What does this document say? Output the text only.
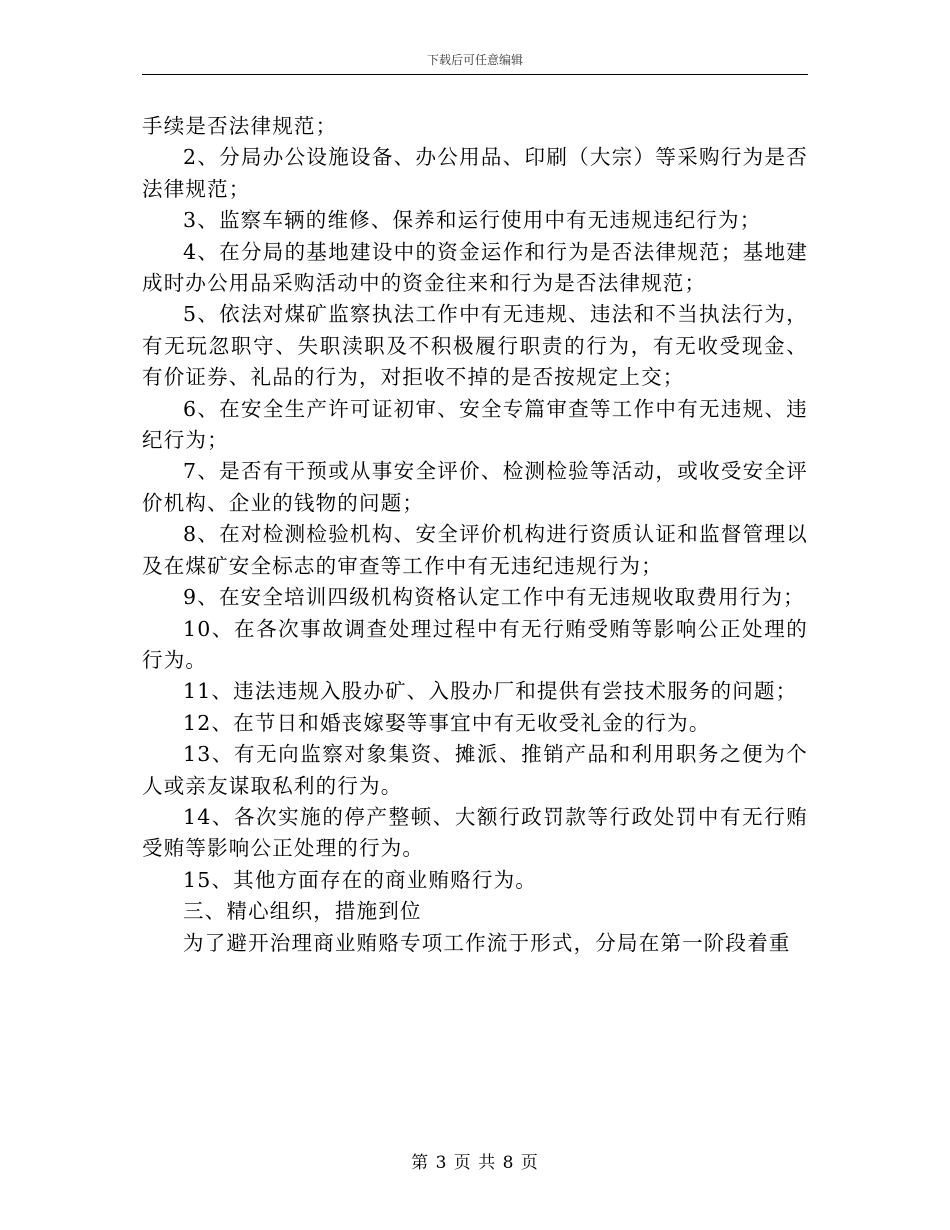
下载后可任意编辑

手续是否法律规范；

2、分局办公设施设备、办公用品、印刷（大宗）等采购行为是否法律规范；

3、监察车辆的维修、保养和运行使用中有无违规违纪行为；

4、在分局的基地建设中的资金运作和行为是否法律规范；基地建成时办公用品采购活动中的资金往来和行为是否法律规范；

5、依法对煤矿监察执法工作中有无违规、违法和不当执法行为，有无玩忽职守、失职渎职及不积极履行职责的行为，有无收受现金、有价证券、礼品的行为，对拒收不掉的是否按规定上交；

6、在安全生产许可证初审、安全专篇审查等工作中有无违规、违纪行为；

7、是否有干预或从事安全评价、检测检验等活动，或收受安全评价机构、企业的钱物的问题；

8、在对检测检验机构、安全评价机构进行资质认证和监督管理以及在煤矿安全标志的审查等工作中有无违纪违规行为；

9、在安全培训四级机构资格认定工作中有无违规收取费用行为；

10、在各次事故调查处理过程中有无行贿受贿等影响公正处理的行为。

11、违法违规入股办矿、入股办厂和提供有尝技术服务的问题；

12、在节日和婚丧嫁娶等事宜中有无收受礼金的行为。

13、有无向监察对象集资、摊派、推销产品和利用职务之便为个人或亲友谋取私利的行为。

14、各次实施的停产整顿、大额行政罚款等行政处罚中有无行贿受贿等影响公正处理的行为。

15、其他方面存在的商业贿赂行为。

三、精心组织，措施到位

为了避开治理商业贿赂专项工作流于形式，分局在第一阶段着重

第 3 页 共 8 页
